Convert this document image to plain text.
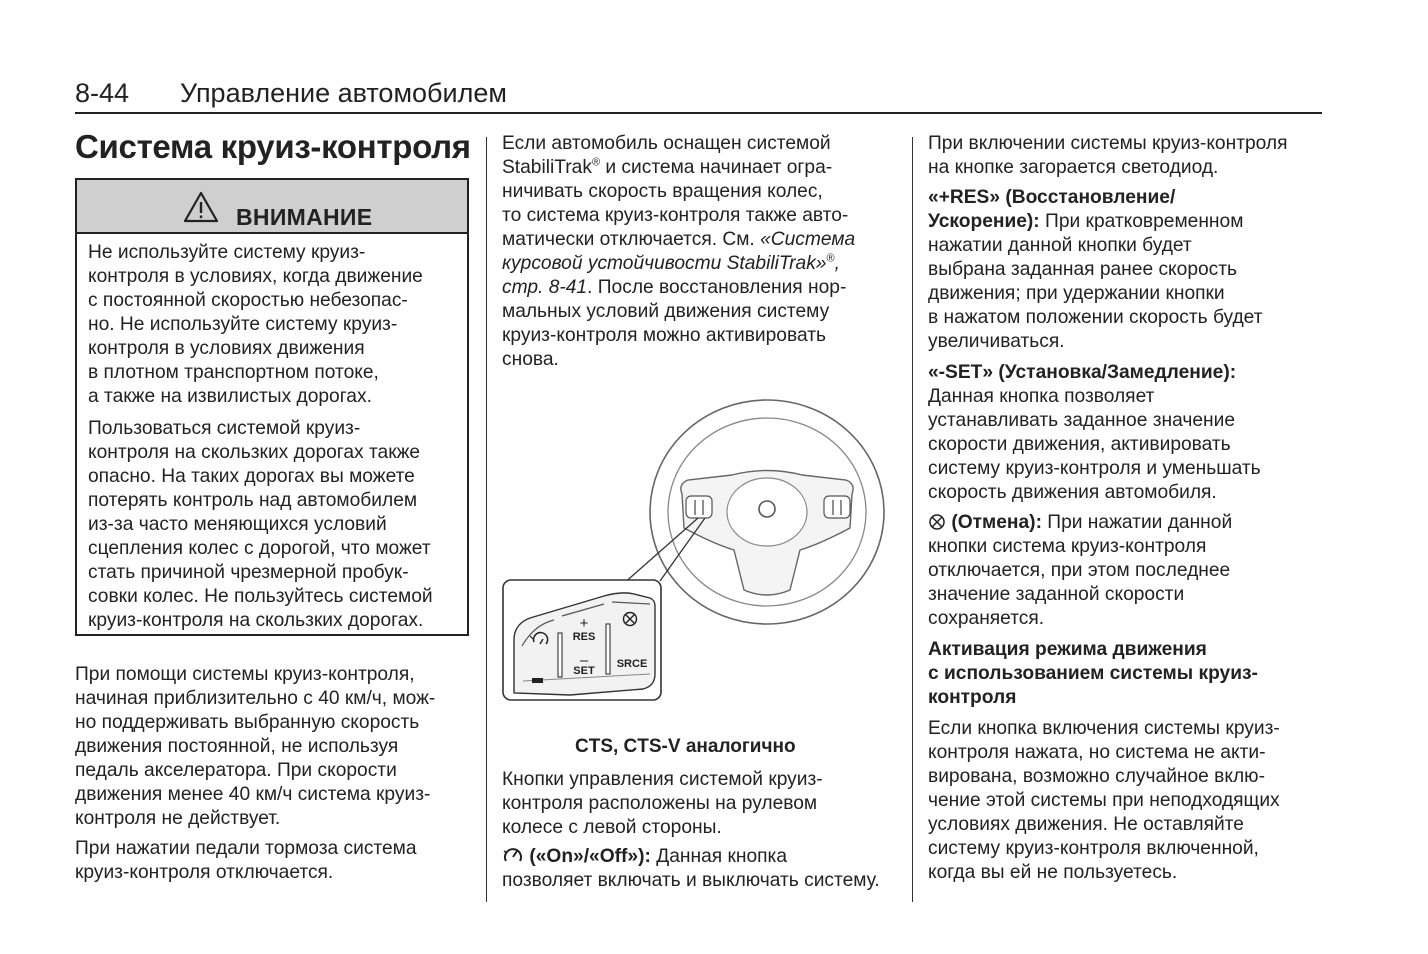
8-44 Управление автомобилем
Система круиз-контроля
ВНИМАНИЕ
Не используйте систему круиз-
контроля в условиях, когда движение
с постоянной скоростью небезопас-
но. Не используйте систему круиз-
контроля в условиях движения
в плотном транспортном потоке,
а также на извилистых дорогах.
Пользоваться системой круиз-
контроля на скользких дорогах также
опасно. На таких дорогах вы можете
потерять контроль над автомобилем
из-за часто меняющихся условий
сцепления колес с дорогой, что может
стать причиной чрезмерной пробук-
совки колес. Не пользуйтесь системой
круиз-контроля на скользких дорогах.
При помощи системы круиз-контроля,
начиная приблизительно с 40 км/ч, мож-
но поддерживать выбранную скорость
движения постоянной, не используя
педаль акселератора. При скорости
движения менее 40 км/ч система круиз-
контроля не действует.
При нажатии педали тормоза система
круиз-контроля отключается.
Если автомобиль оснащен системой
StabiliTrak® и система начинает огра-
ничивать скорость вращения колес,
то система круиз-контроля также авто-
матически отключается. См. «Система
курсовой устойчивости StabiliTrak»®,
стр. 8-41. После восстановления нор-
мальных условий движения систему
круиз-контроля можно активировать
снова.
+
RES
–
SET
SRCE
CTS, CTS-V аналогично
Кнопки управления системой круиз-
контроля расположены на рулевом
колесе с левой стороны.
(«On»/«Off»): Данная кнопка
позволяет включать и выключать систему.
При включении системы круиз-контроля
на кнопке загорается светодиод.
«+RES» (Восстановление/
Ускорение): При кратковременном
нажатии данной кнопки будет
выбрана заданная ранее скорость
движения; при удержании кнопки
в нажатом положении скорость будет
увеличиваться.
«-SET» (Установка/Замедление):
Данная кнопка позволяет
устанавливать заданное значение
скорости движения, активировать
систему круиз-контроля и уменьшать
скорость движения автомобиля.
(Отмена): При нажатии данной
кнопки система круиз-контроля
отключается, при этом последнее
значение заданной скорости
сохраняется.
Активация режима движения
с использованием системы круиз-
контроля
Если кнопка включения системы круиз-
контроля нажата, но система не акти-
вирована, возможно случайное вклю-
чение этой системы при неподходящих
условиях движения. Не оставляйте
систему круиз-контроля включенной,
когда вы ей не пользуетесь.
